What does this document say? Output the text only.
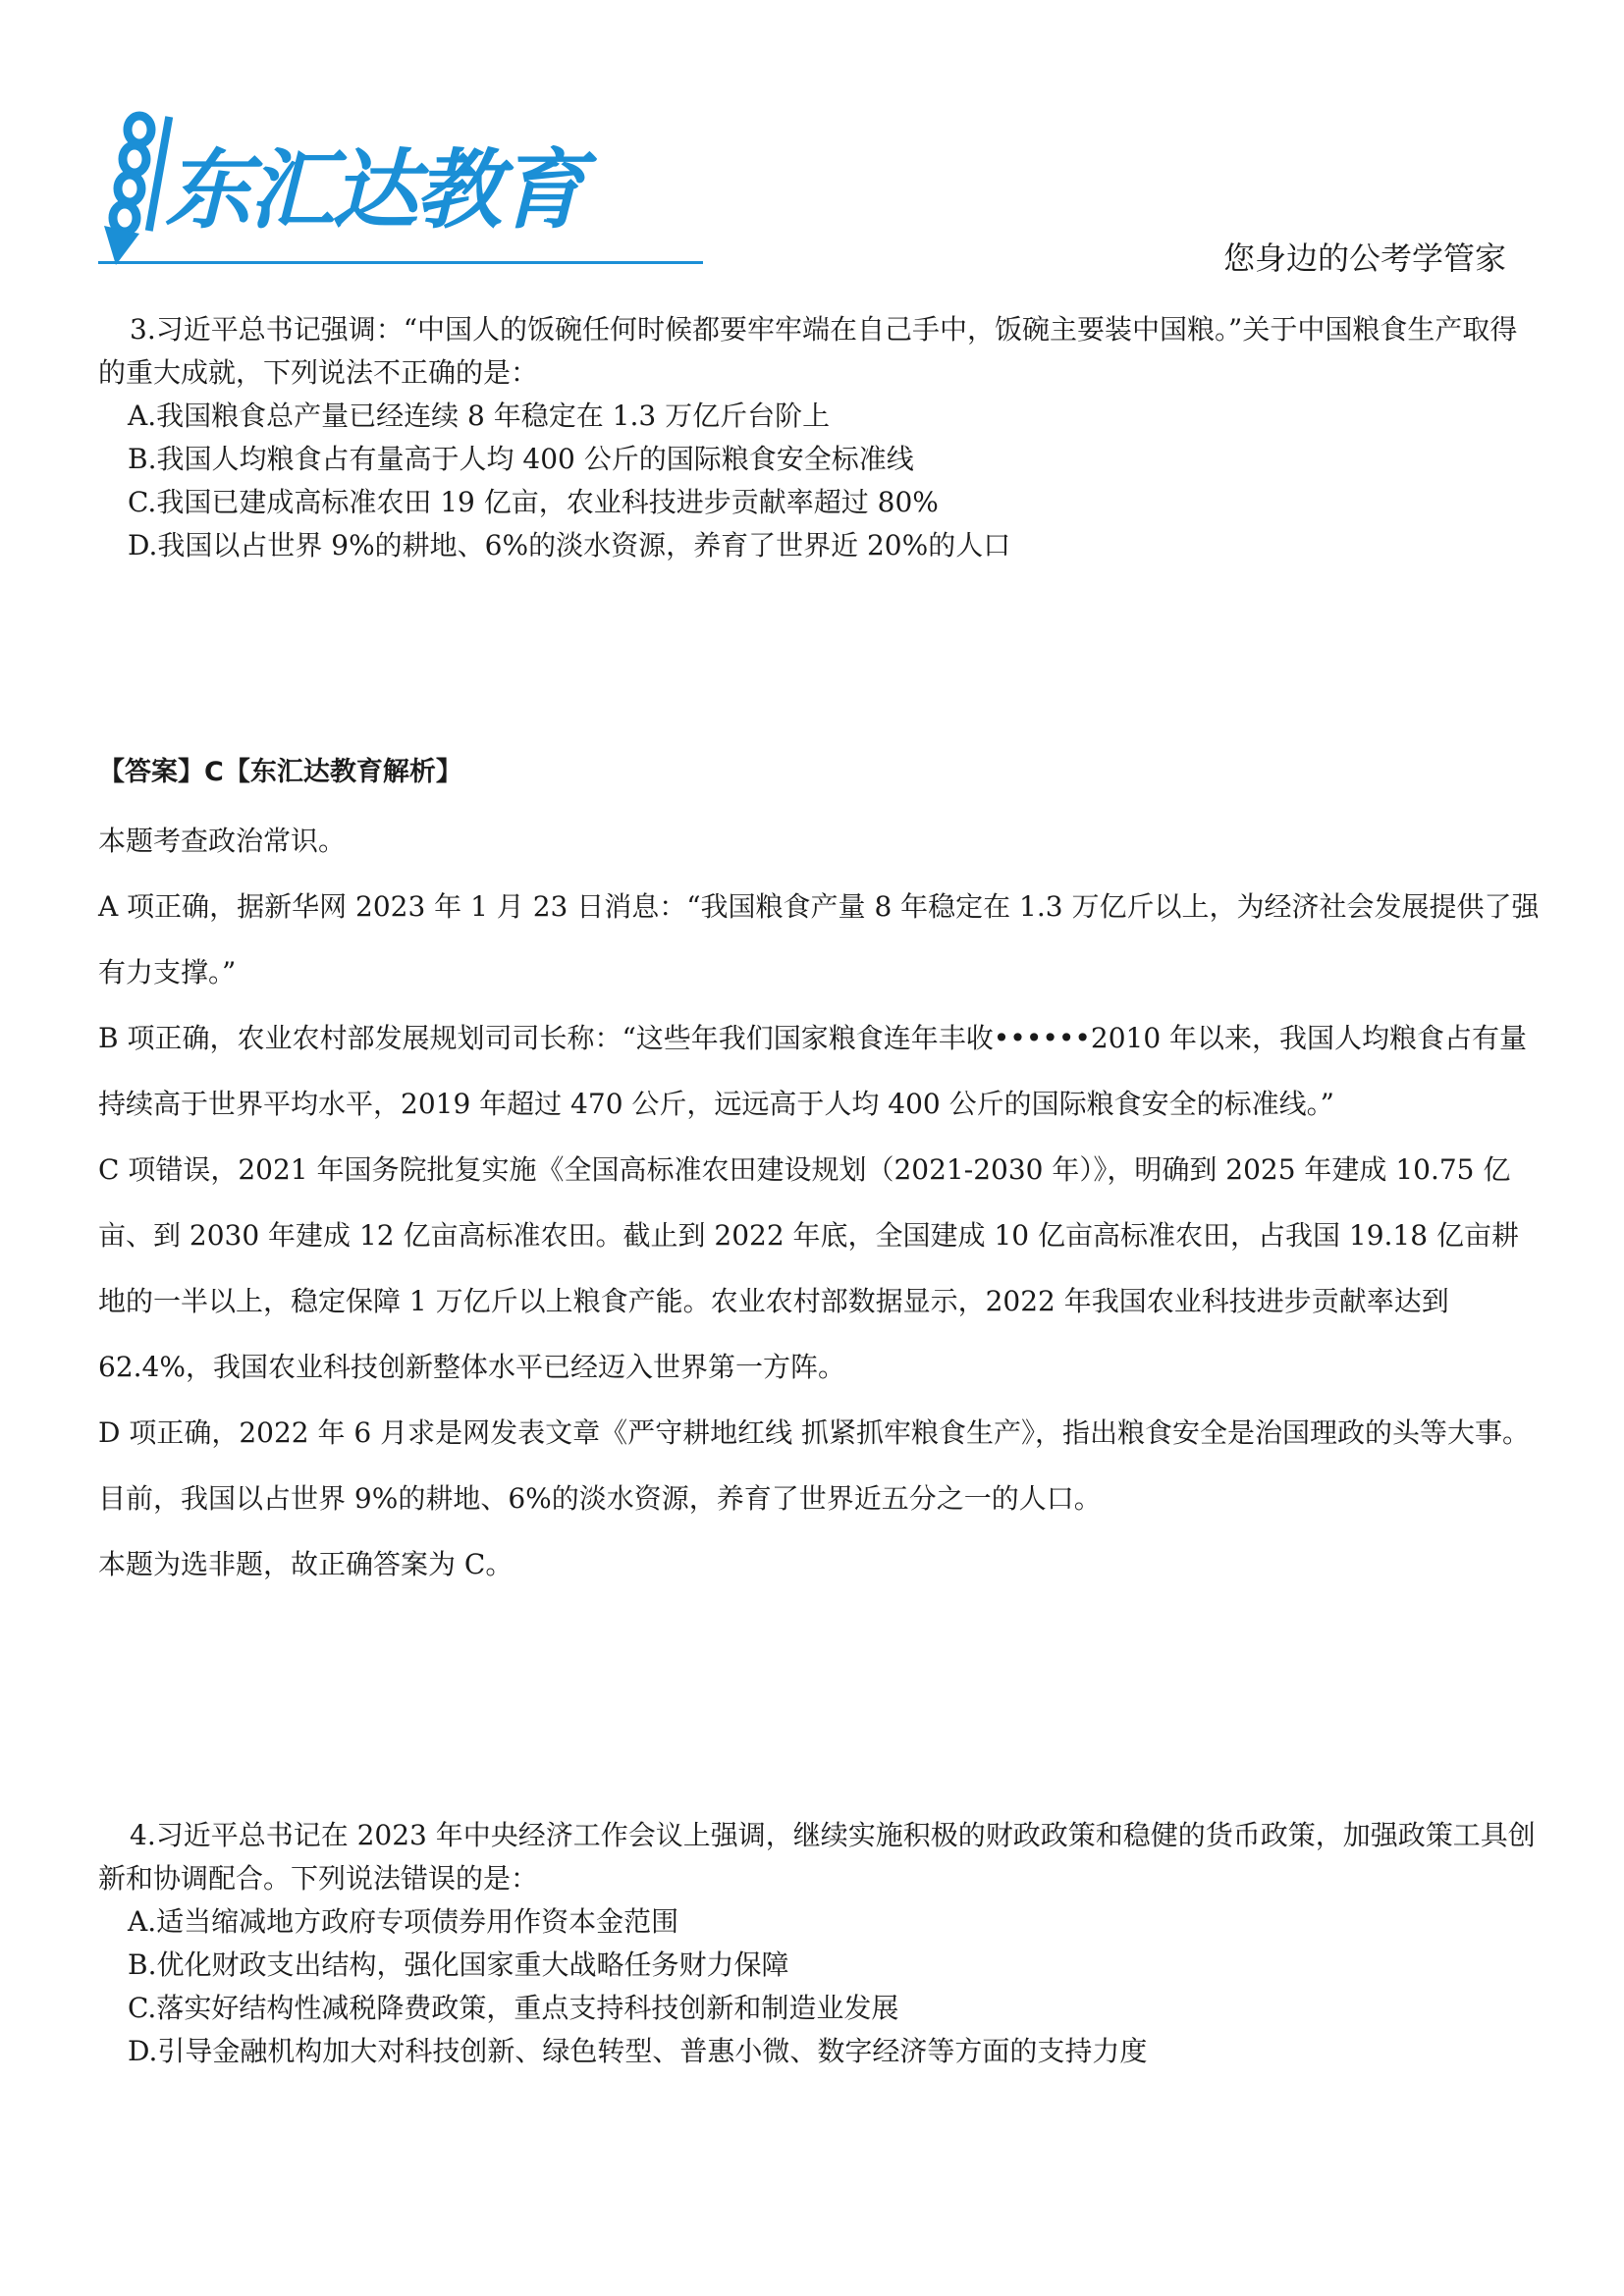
东汇达教育
您身边的公考学管家

3.习近平总书记强调：“中国人的饭碗任何时候都要牢牢端在自己手中，饭碗主要装中国粮。”关于中国粮食生产取得的重大成就，下列说法不正确的是：

A.我国粮食总产量已经连续 8 年稳定在 1.3 万亿斤台阶上

B.我国人均粮食占有量高于人均 400 公斤的国际粮食安全标准线

C.我国已建成高标准农田 19 亿亩，农业科技进步贡献率超过 80%

D.我国以占世界 9%的耕地、6%的淡水资源，养育了世界近 20%的人口

【答案】C【东汇达教育解析】

本题考查政治常识。

A 项正确，据新华网 2023 年 1 月 23 日消息：“我国粮食产量 8 年稳定在 1.3 万亿斤以上，为经济社会发展提供了强有力支撑。”

B 项正确，农业农村部发展规划司司长称：“这些年我们国家粮食连年丰收••••••2010 年以来，我国人均粮食占有量持续高于世界平均水平，2019 年超过 470 公斤，远远高于人均 400 公斤的国际粮食安全的标准线。”

C 项错误，2021 年国务院批复实施《全国高标准农田建设规划（2021-2030 年）》，明确到 2025 年建成 10.75 亿亩、到 2030 年建成 12 亿亩高标准农田。截止到 2022 年底，全国建成 10 亿亩高标准农田，占我国 19.18 亿亩耕地的一半以上，稳定保障 1 万亿斤以上粮食产能。农业农村部数据显示，2022 年我国农业科技进步贡献率达到 62.4%，我国农业科技创新整体水平已经迈入世界第一方阵。

D 项正确，2022 年 6 月求是网发表文章《严守耕地红线 抓紧抓牢粮食生产》，指出粮食安全是治国理政的头等大事。目前，我国以占世界 9%的耕地、6%的淡水资源，养育了世界近五分之一的人口。

本题为选非题，故正确答案为 C。

4.习近平总书记在 2023 年中央经济工作会议上强调，继续实施积极的财政政策和稳健的货币政策，加强政策工具创新和协调配合。下列说法错误的是：

A.适当缩减地方政府专项债券用作资本金范围

B.优化财政支出结构，强化国家重大战略任务财力保障

C.落实好结构性减税降费政策，重点支持科技创新和制造业发展

D.引导金融机构加大对科技创新、绿色转型、普惠小微、数字经济等方面的支持力度
